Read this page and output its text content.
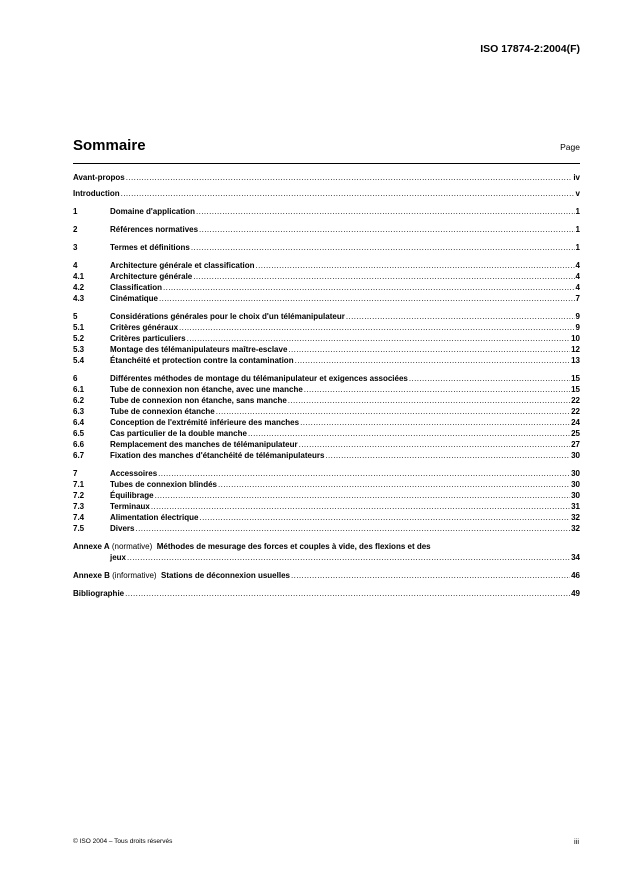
ISO 17874-2:2004(F)
Sommaire	Page
Avant-propos .....	iv
Introduction .....	v
1	Domaine d'application .....	1
2	Références normatives .....	1
3	Termes et définitions .....	1
4	Architecture générale et classification .....	4
4.1	Architecture générale .....	4
4.2	Classification .....	4
4.3	Cinématique .....	7
5	Considérations générales pour le choix d'un télémanipulateur .....	9
5.1	Critères généraux .....	9
5.2	Critères particuliers .....	10
5.3	Montage des télémanipulateurs maître-esclave .....	12
5.4	Étanchéité et protection contre la contamination .....	13
6	Différentes méthodes de montage du télémanipulateur et exigences associées .....	15
6.1	Tube de connexion non étanche, avec une manche .....	15
6.2	Tube de connexion non étanche, sans manche .....	22
6.3	Tube de connexion étanche .....	22
6.4	Conception de l'extrémité inférieure des manches .....	24
6.5	Cas particulier de la double manche .....	25
6.6	Remplacement des manches de télémanipulateur .....	27
6.7	Fixation des manches d'étanchéité de télémanipulateurs .....	30
7	Accessoires .....	30
7.1	Tubes de connexion blindés .....	30
7.2	Équilibrage .....	30
7.3	Terminaux .....	31
7.4	Alimentation électrique .....	32
7.5	Divers .....	32
Annexe A
(normative)
Méthodes de mesurage des forces et couples à vide, des flexions et des
jeux .....	34
Annexe B
(informative)
Stations de déconnexion usuelles .....	46
Bibliographie .....	49
© ISO 2004 – Tous droits réservés	iii
